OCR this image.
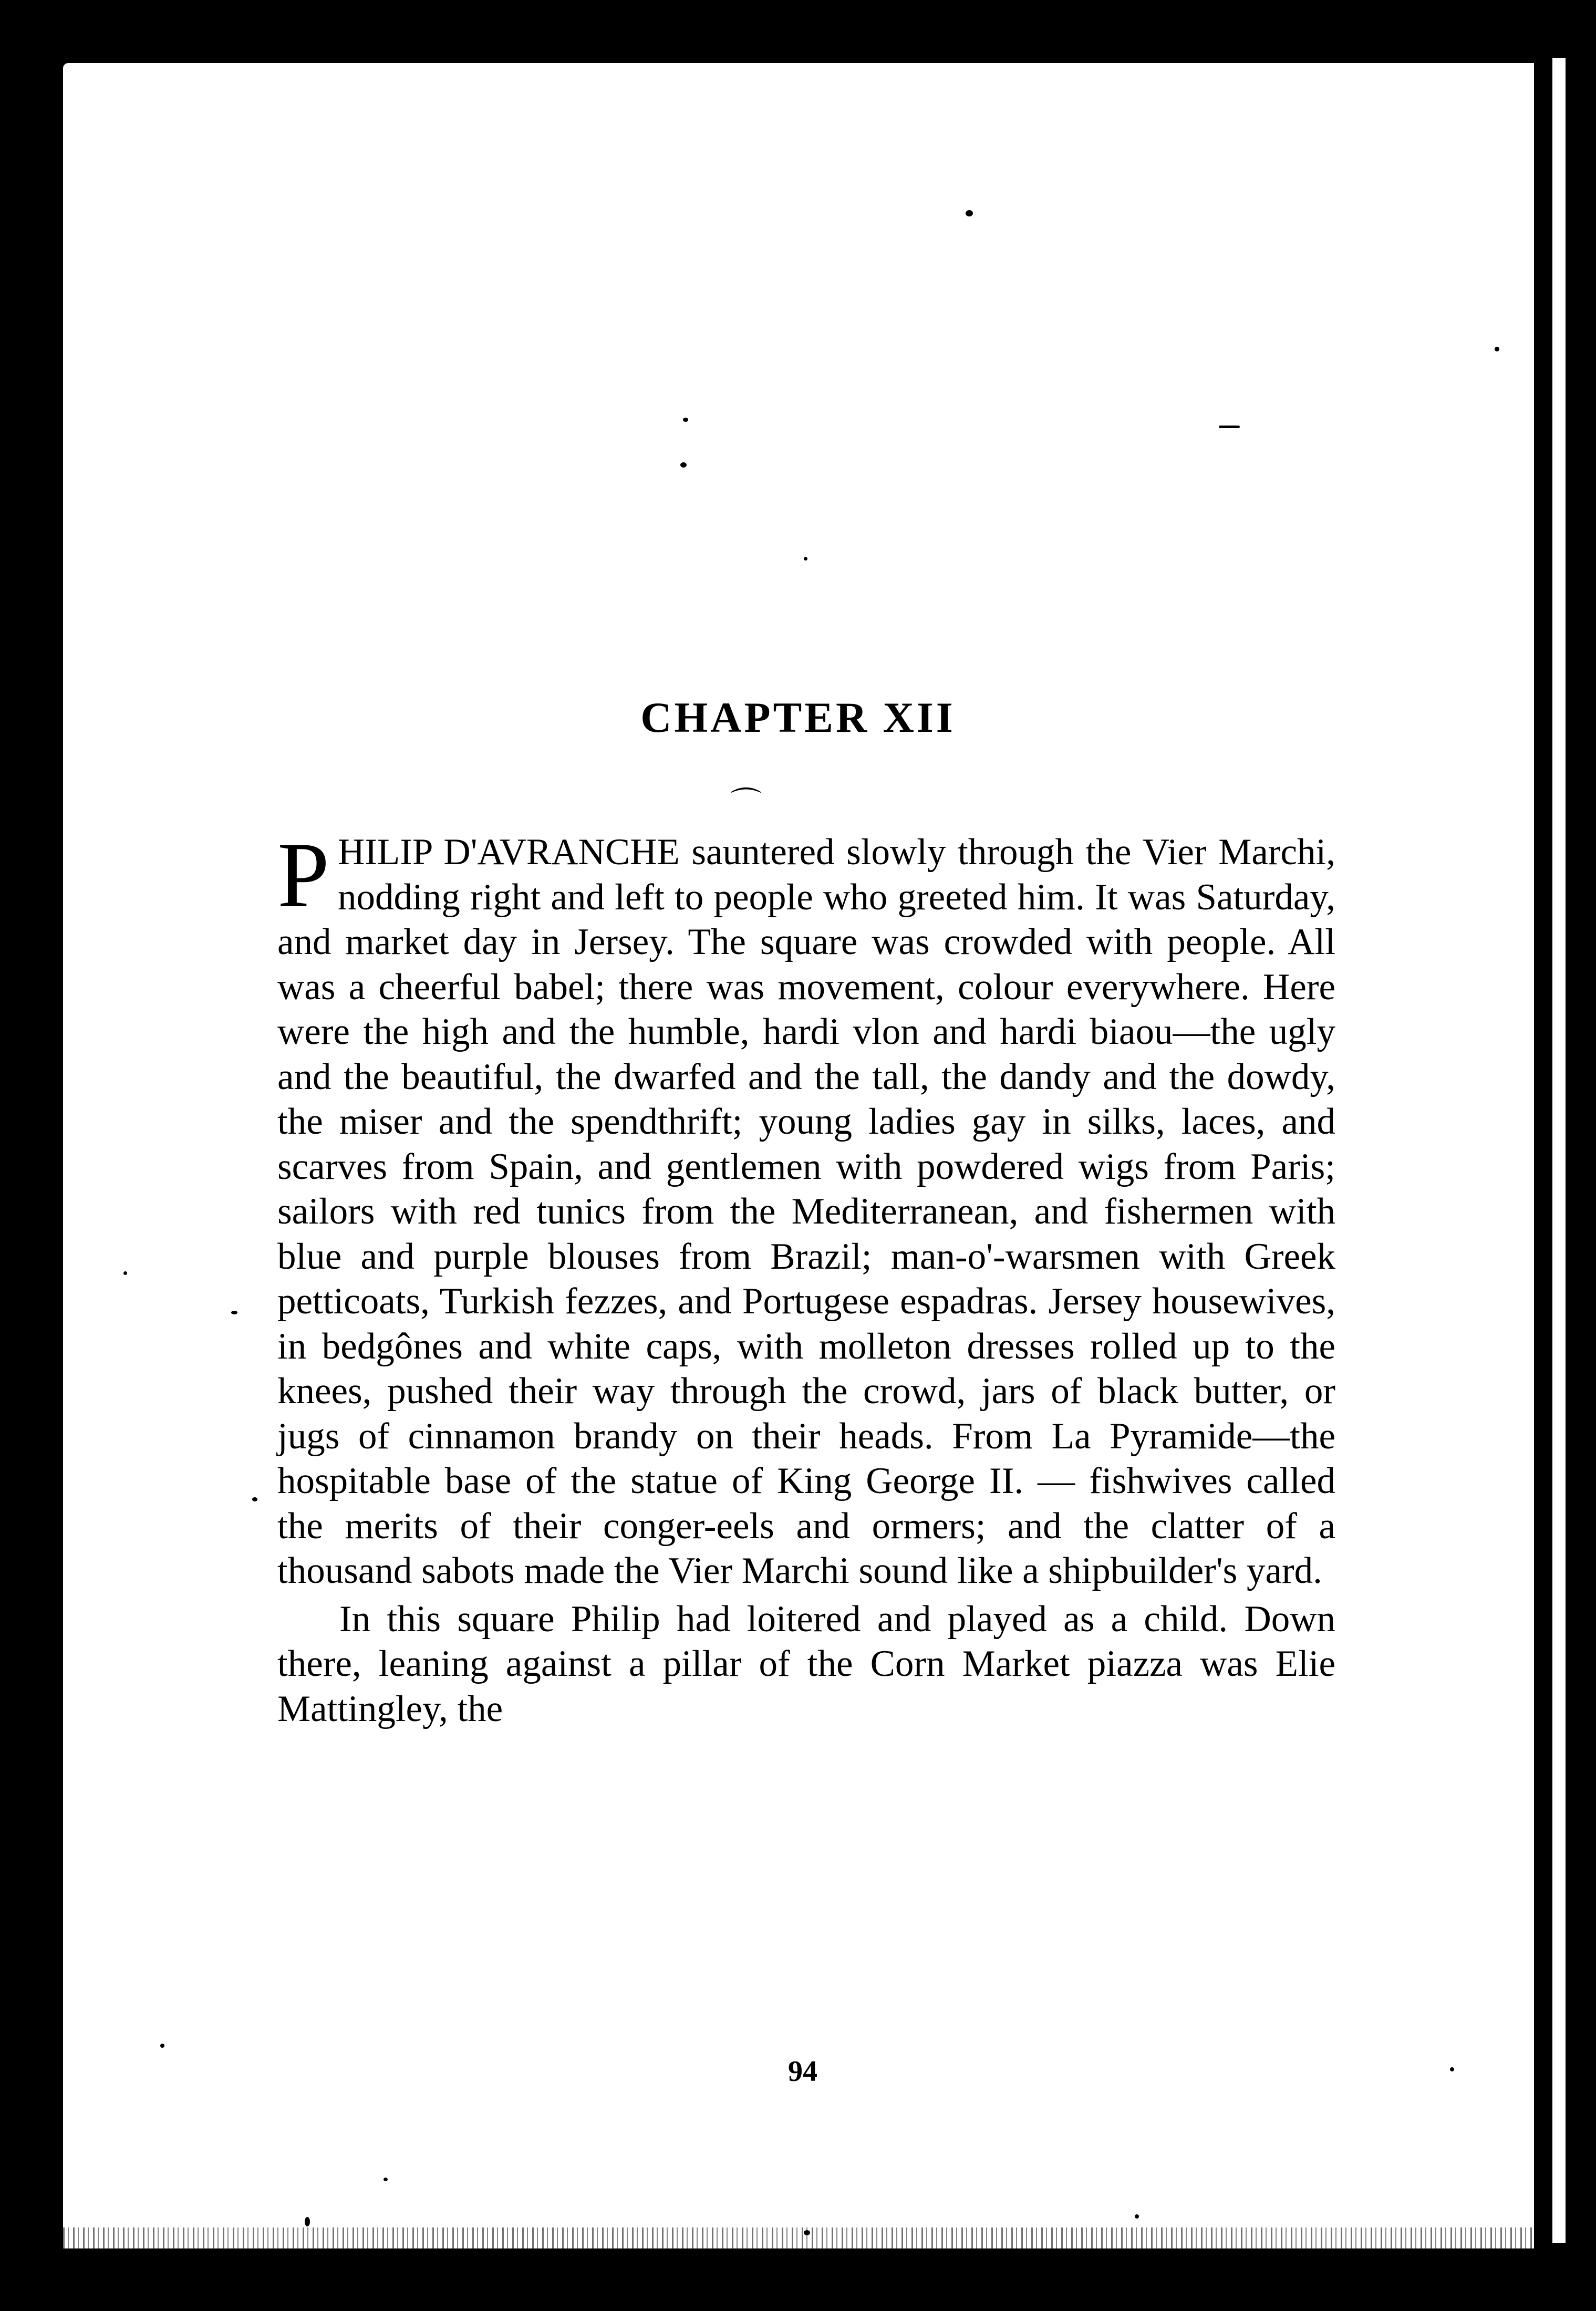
CHAPTER XII
⌒

PHILIP D'AVRANCHE sauntered slowly through the Vier Marchi, nodding right and left to people who greeted him. It was Saturday, and market day in Jersey. The square was crowded with people. All was a cheerful babel; there was movement, colour everywhere. Here were the high and the humble, hardi vlon and hardi biaou—the ugly and the beautiful, the dwarfed and the tall, the dandy and the dowdy, the miser and the spendthrift; young ladies gay in silks, laces, and scarves from Spain, and gentlemen with powdered wigs from Paris; sailors with red tunics from the Mediterranean, and fishermen with blue and purple blouses from Brazil; man-o'-warsmen with Greek petticoats, Turkish fezzes, and Portugese espadras. Jersey housewives, in bedgônes and white caps, with molleton dresses rolled up to the knees, pushed their way through the crowd, jars of black butter, or jugs of cinnamon brandy on their heads. From La Pyramide—the hospitable base of the statue of King George II. — fishwives called the merits of their conger-eels and ormers; and the clatter of a thousand sabots made the Vier Marchi sound like a shipbuilder's yard.

In this square Philip had loitered and played as a child. Down there, leaning against a pillar of the Corn Market piazza was Elie Mattingley, the

94
